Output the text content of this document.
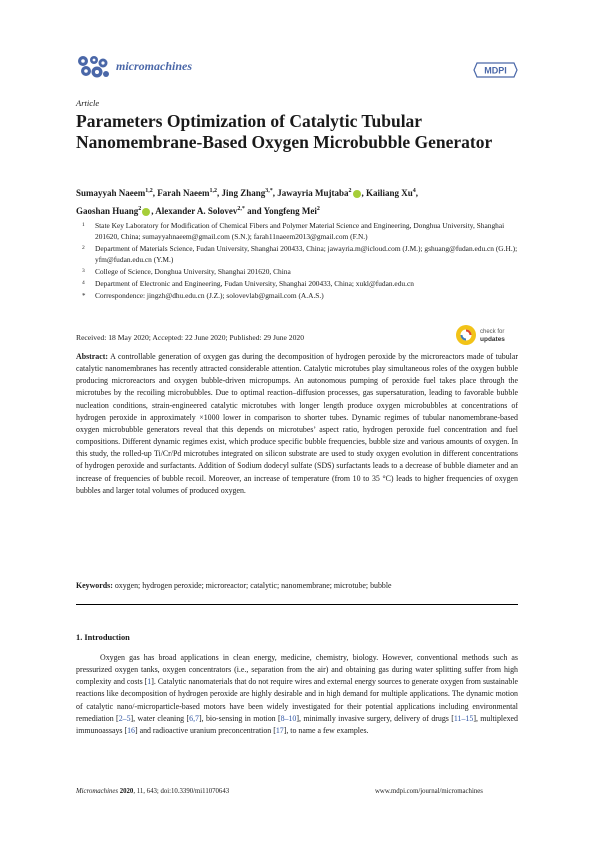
micromachines	MDPI
Article
Parameters Optimization of Catalytic Tubular Nanomembrane-Based Oxygen Microbubble Generator
Sumayyah Naeem$^{1,2}$, Farah Naeem$^{1,2}$, Jing Zhang$^{3,*}$, Jawayria Mujtaba$^2$ , Kailiang Xu$^4$,
Gaoshan Huang$^2$ , Alexander A. Solovev$^{2,*}$ and Yongfeng Mei$^2$
1 State Key Laboratory for Modification of Chemical Fibers and Polymer Material Science and Engineering, Donghua University, Shanghai 201620, China; sumayyahnaeem@gmail.com (S.N.); farah11naeem2013@gmail.com (F.N.)
2 Department of Materials Science, Fudan University, Shanghai 200433, China; jawayria.m@icloud.com (J.M.); gshuang@fudan.edu.cn (G.H.); yfm@fudan.edu.cn (Y.M.)
3 College of Science, Donghua University, Shanghai 201620, China
4 Department of Electronic and Engineering, Fudan University, Shanghai 200433, China; xukl@fudan.edu.cn
* Correspondence: jingzh@dhu.edu.cn (J.Z.); solovevlab@gmail.com (A.A.S.)
Received: 18 May 2020; Accepted: 22 June 2020; Published: 29 June 2020
check for
updates
Abstract: A controllable generation of oxygen gas during the decomposition of hydrogen peroxide by the microreactors made of tubular catalytic nanomembranes has recently attracted considerable attention. Catalytic microtubes play simultaneous roles of the oxygen bubble producing microreactors and oxygen bubble-driven micropumps. An autonomous pumping of peroxide fuel takes place through the microtubes by the recoiling microbubbles. Due to optimal reaction–diffusion processes, gas supersaturation, leading to favorable bubble nucleation conditions, strain-engineered catalytic microtubes with longer length produce oxygen microbubbles at concentrations of hydrogen peroxide in approximately ×1000 lower in comparison to shorter tubes. Dynamic regimes of tubular nanomembrane-based oxygen microbubble generators reveal that this depends on microtubes’ aspect ratio, hydrogen peroxide fuel concentration and fuel compositions. Different dynamic regimes exist, which produce specific bubble frequencies, bubble size and various amounts of oxygen. In this study, the rolled-up Ti/Cr/Pd microtubes integrated on silicon substrate are used to study oxygen evolution in different concentrations of hydrogen peroxide and surfactants. Addition of Sodium dodecyl sulfate (SDS) surfactants leads to a decrease of bubble diameter and an increase of frequencies of bubble recoil. Moreover, an increase of temperature (from 10 to 35 °C) leads to higher frequencies of oxygen bubbles and larger total volumes of produced oxygen.
Keywords: oxygen; hydrogen peroxide; microreactor; catalytic; nanomembrane; microtube; bubble
1. Introduction
Oxygen gas has broad applications in clean energy, medicine, chemistry, biology. However, conventional methods such as pressurized oxygen tanks, oxygen concentrators (i.e., separation from the air) and obtaining gas during water splitting suffer from high complexity and costs [1]. Catalytic nanomaterials that do not require wires and external energy sources to generate oxygen from sustainable reactions like decomposition of hydrogen peroxide are highly desirable and in high demand for multiple applications. The dynamic motion of catalytic nano/-microparticle-based motors have been widely investigated for their potential applications including environmental remediation [2–5], water cleaning [6,7], bio-sensing in motion [8–10], minimally invasive surgery, delivery of drugs [11–15], multiplexed immunoassays [16] and radioactive uranium preconcentration [17], to name a few examples.
Micromachines 2020, 11, 643; doi:10.3390/mi11070643	www.mdpi.com/journal/micromachines
